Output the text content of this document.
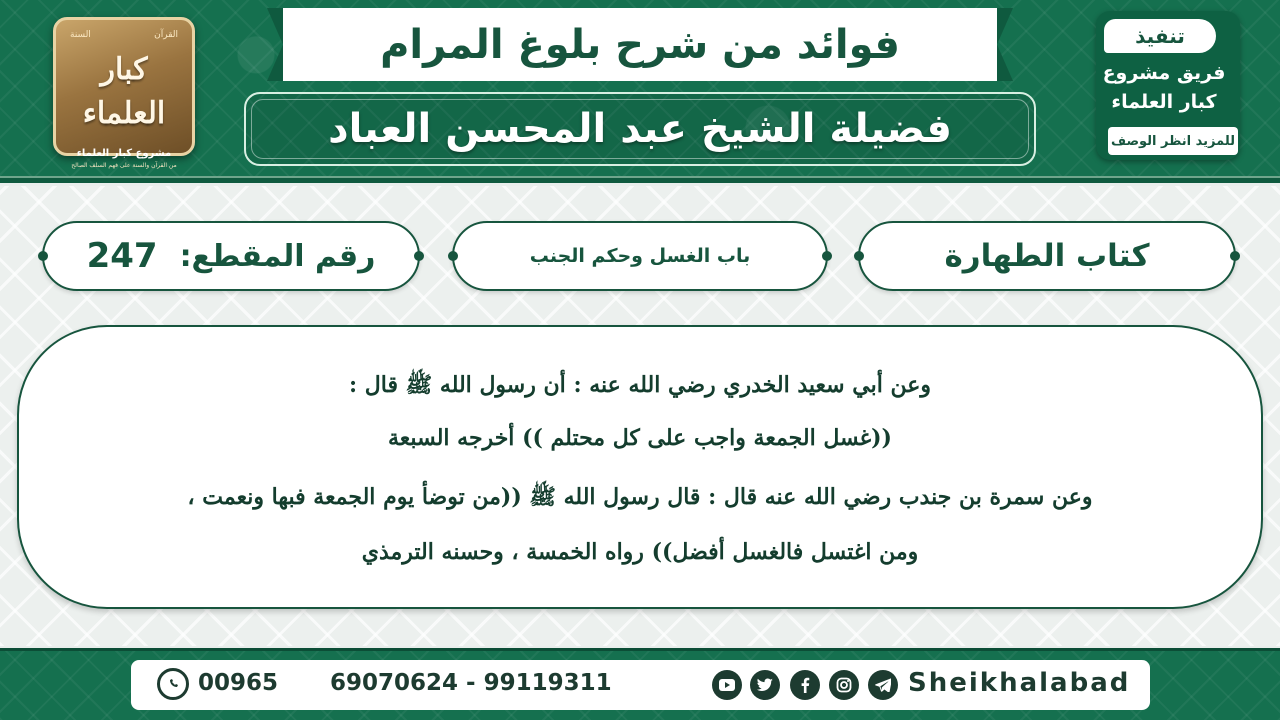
السنة	القرآن
كبار العلماء
مشروع كبار العلماء
من القرآن والسنة على فهم السلف الصالح
فوائد من شرح بلوغ المرام
فضيلة الشيخ عبد المحسن العباد
تنفيذ
فريق مشروع
كبار العلماء
للمزيد انظر الوصف
كتاب الطهارة
باب الغسل وحكم الجنب
رقم المقطع:
247
وعن أبي سعيد الخدري رضي الله عنه : أن رسول الله ﷺ قال :
((غسل الجمعة واجب على كل محتلم )) أخرجه السبعة
وعن سمرة بن جندب رضي الله عنه قال : قال رسول الله ﷺ ((من توضأ يوم الجمعة فبها ونعمت ،
ومن اغتسل فالغسل أفضل)) رواه الخمسة ، وحسنه الترمذي
00965 69070624 - 99119311	Sheikhalabad
